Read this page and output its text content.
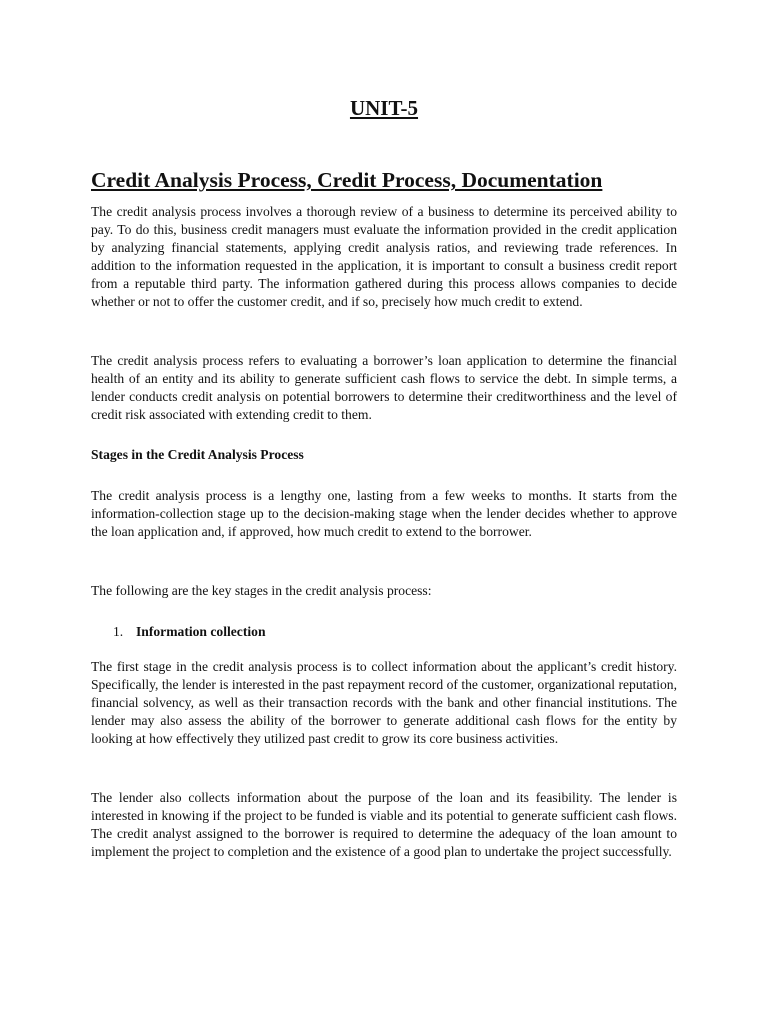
UNIT-5
Credit Analysis Process, Credit Process, Documentation

The credit analysis process involves a thorough review of a business to determine its perceived ability to pay. To do this, business credit managers must evaluate the information provided in the credit application by analyzing financial statements, applying credit analysis ratios, and reviewing trade references. In addition to the information requested in the application, it is important to consult a business credit report from a reputable third party. The information gathered during this process allows companies to decide whether or not to offer the customer credit, and if so, precisely how much credit to extend.

The credit analysis process refers to evaluating a borrower’s loan application to determine the financial health of an entity and its ability to generate sufficient cash flows to service the debt. In simple terms, a lender conducts credit analysis on potential borrowers to determine their creditworthiness and the level of credit risk associated with extending credit to them.

Stages in the Credit Analysis Process

The credit analysis process is a lengthy one, lasting from a few weeks to months. It starts from the information-collection stage up to the decision-making stage when the lender decides whether to approve the loan application and, if approved, how much credit to extend to the borrower.

The following are the key stages in the credit analysis process:

1. Information collection

The first stage in the credit analysis process is to collect information about the applicant’s credit history. Specifically, the lender is interested in the past repayment record of the customer, organizational reputation, financial solvency, as well as their transaction records with the bank and other financial institutions. The lender may also assess the ability of the borrower to generate additional cash flows for the entity by looking at how effectively they utilized past credit to grow its core business activities.

The lender also collects information about the purpose of the loan and its feasibility. The lender is interested in knowing if the project to be funded is viable and its potential to generate sufficient cash flows. The credit analyst assigned to the borrower is required to determine the adequacy of the loan amount to implement the project to completion and the existence of a good plan to undertake the project successfully.
